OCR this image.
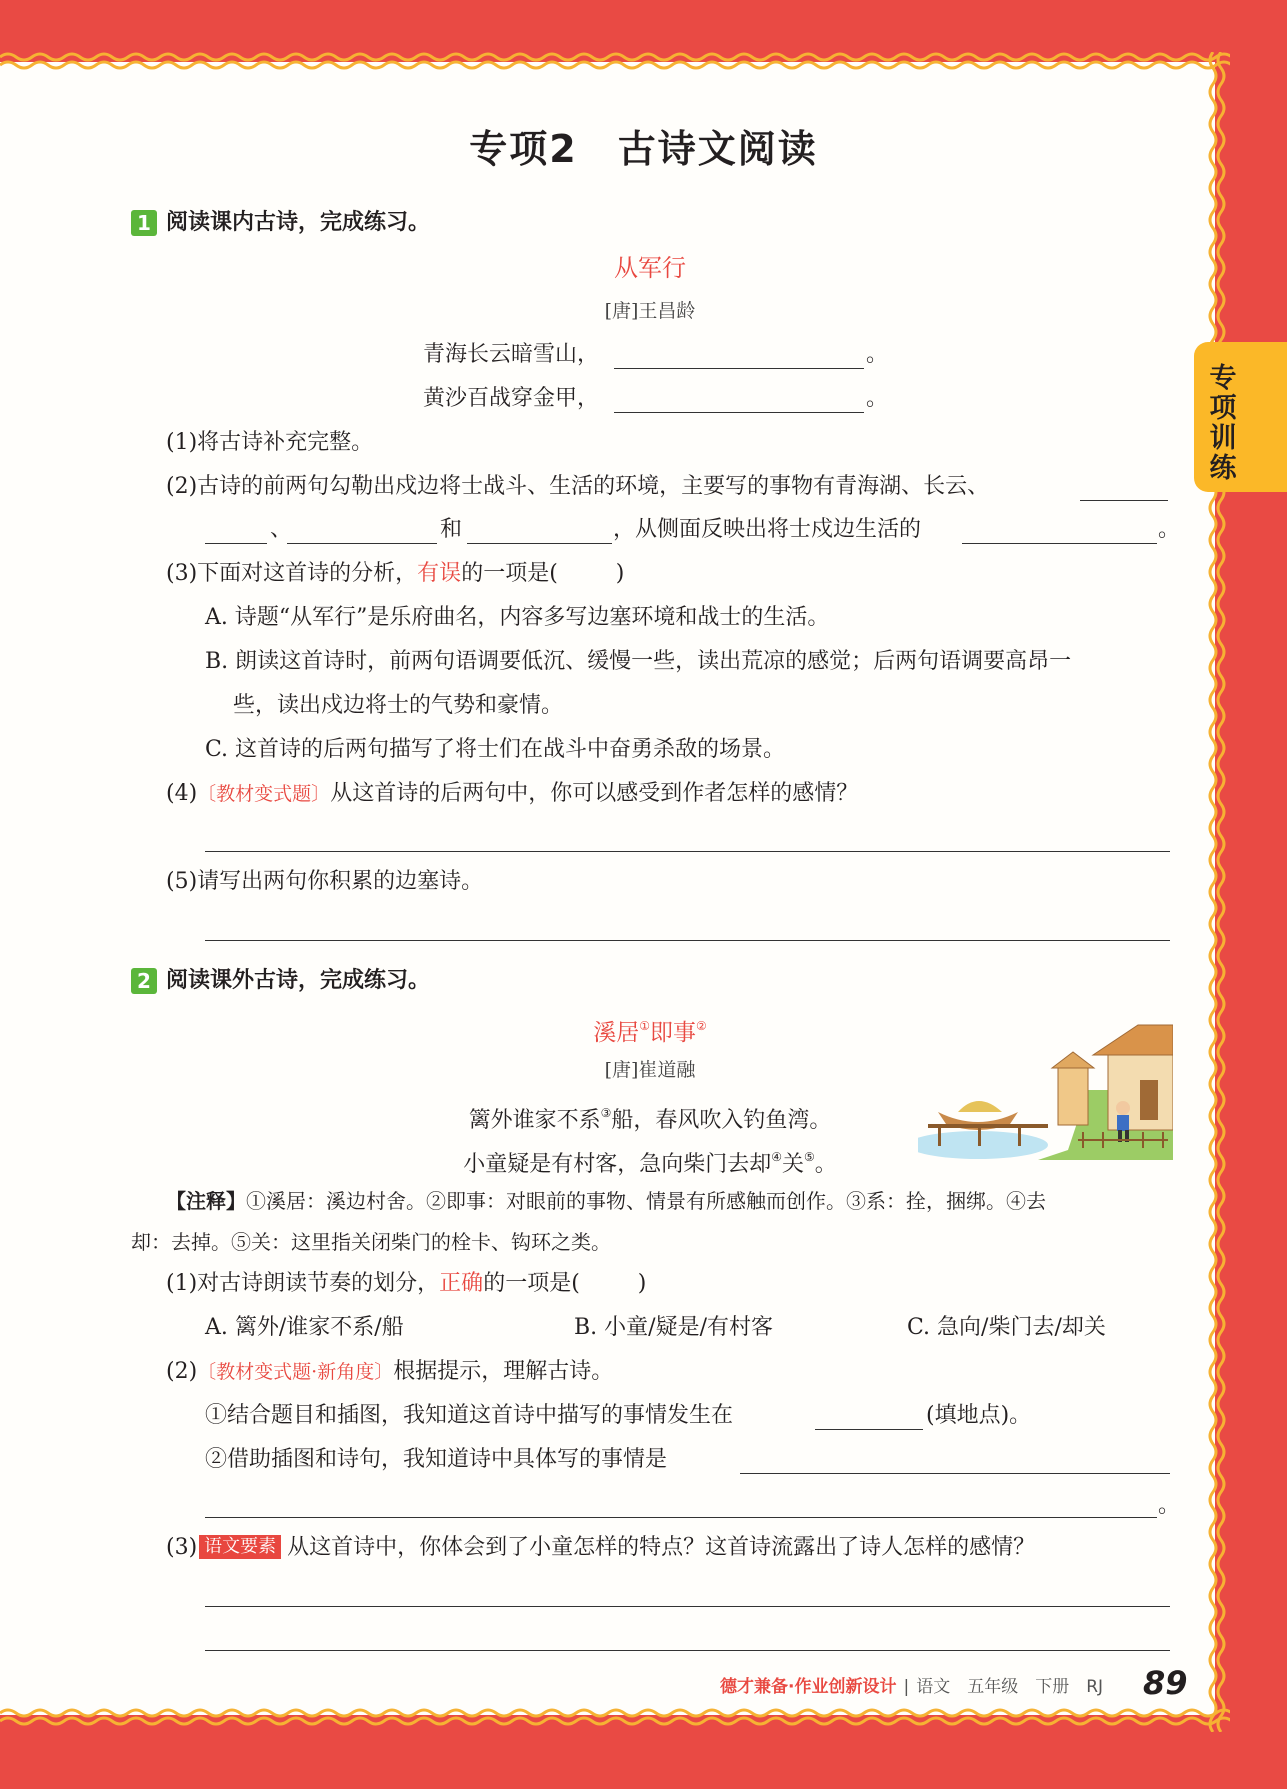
专项训练
专项2　古诗文阅读
1 阅读课内古诗，完成练习。
从军行
[唐]王昌龄
青海长云暗雪山，	。
黄沙百战穿金甲，	。
(1)将古诗补充完整。
(2)古诗的前两句勾勒出戍边将士战斗、生活的环境，主要写的事物有青海湖、长云、
、	和	，从侧面反映出将士戍边生活的	。
(3)下面对这首诗的分析，有误的一项是(	)
A. 诗题“从军行”是乐府曲名，内容多写边塞环境和战士的生活。
B. 朗读这首诗时，前两句语调要低沉、缓慢一些，读出荒凉的感觉；后两句语调要高昂一
些，读出戍边将士的气势和豪情。
C. 这首诗的后两句描写了将士们在战斗中奋勇杀敌的场景。
(4)〔教材变式题〕从这首诗的后两句中，你可以感受到作者怎样的感情？
(5)请写出两句你积累的边塞诗。
2 阅读课外古诗，完成练习。
溪居①即事②
[唐]崔道融
篱外谁家不系③船，春风吹入钓鱼湾。
小童疑是有村客，急向柴门去却④关⑤。
【注释】①溪居：溪边村舍。②即事：对眼前的事物、情景有所感触而创作。③系：拴，捆绑。④去
却：去掉。⑤关：这里指关闭柴门的栓卡、钩环之类。
(1)对古诗朗读节奏的划分，正确的一项是(	)
A. 篱外/谁家不系/船	B. 小童/疑是/有村客	C. 急向/柴门去/却关
(2)〔教材变式题·新角度〕根据提示，理解古诗。
①结合题目和插图，我知道这首诗中描写的事情发生在	(填地点)。
②借助插图和诗句，我知道诗中具体写的事情是
。
(3) 语文要素 从这首诗中，你体会到了小童怎样的特点？这首诗流露出了诗人怎样的感情？
德才兼备·作业创新设计 | 语文　五年级　下册　RJ 89
